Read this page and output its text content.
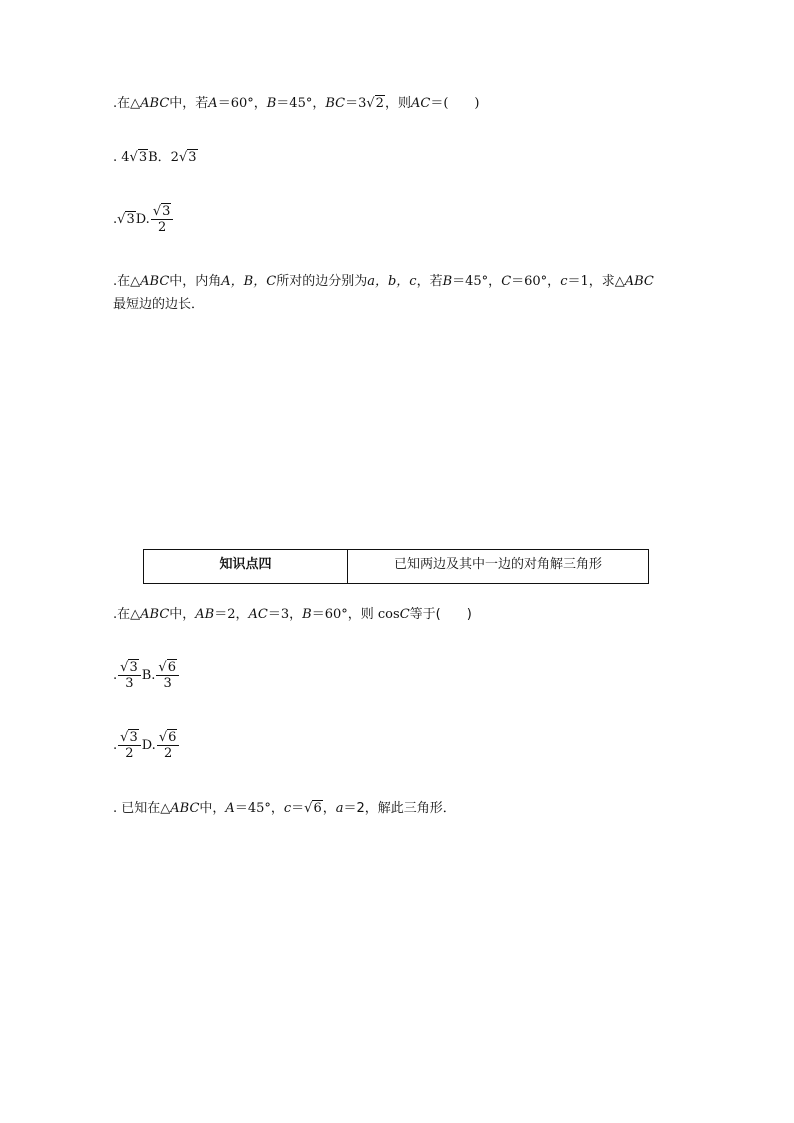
.在△ABC中，若A＝60°，B＝45°，BC＝3√2，则AC＝(　　)
. 4√3B．2√3
.√3D. $\frac{√3}{2}$
.在△ABC中，内角A，B，C所对的边分别为a，b，c，若B＝45°，C＝60°，c＝1，求△ABC
最短边的边长．
知识点四	已知两边及其中一边的对角解三角形
.在△ABC中，AB＝2，AC＝3，B＝60°，则 cosC等于(　　)
. $\frac{√3}{3} B$. $\frac{√6}{3}$
. $\frac{√3}{2} D$. $\frac{√6}{2}$
. 已知在△ABC中，A＝45°，c＝√6，a＝2，解此三角形．
